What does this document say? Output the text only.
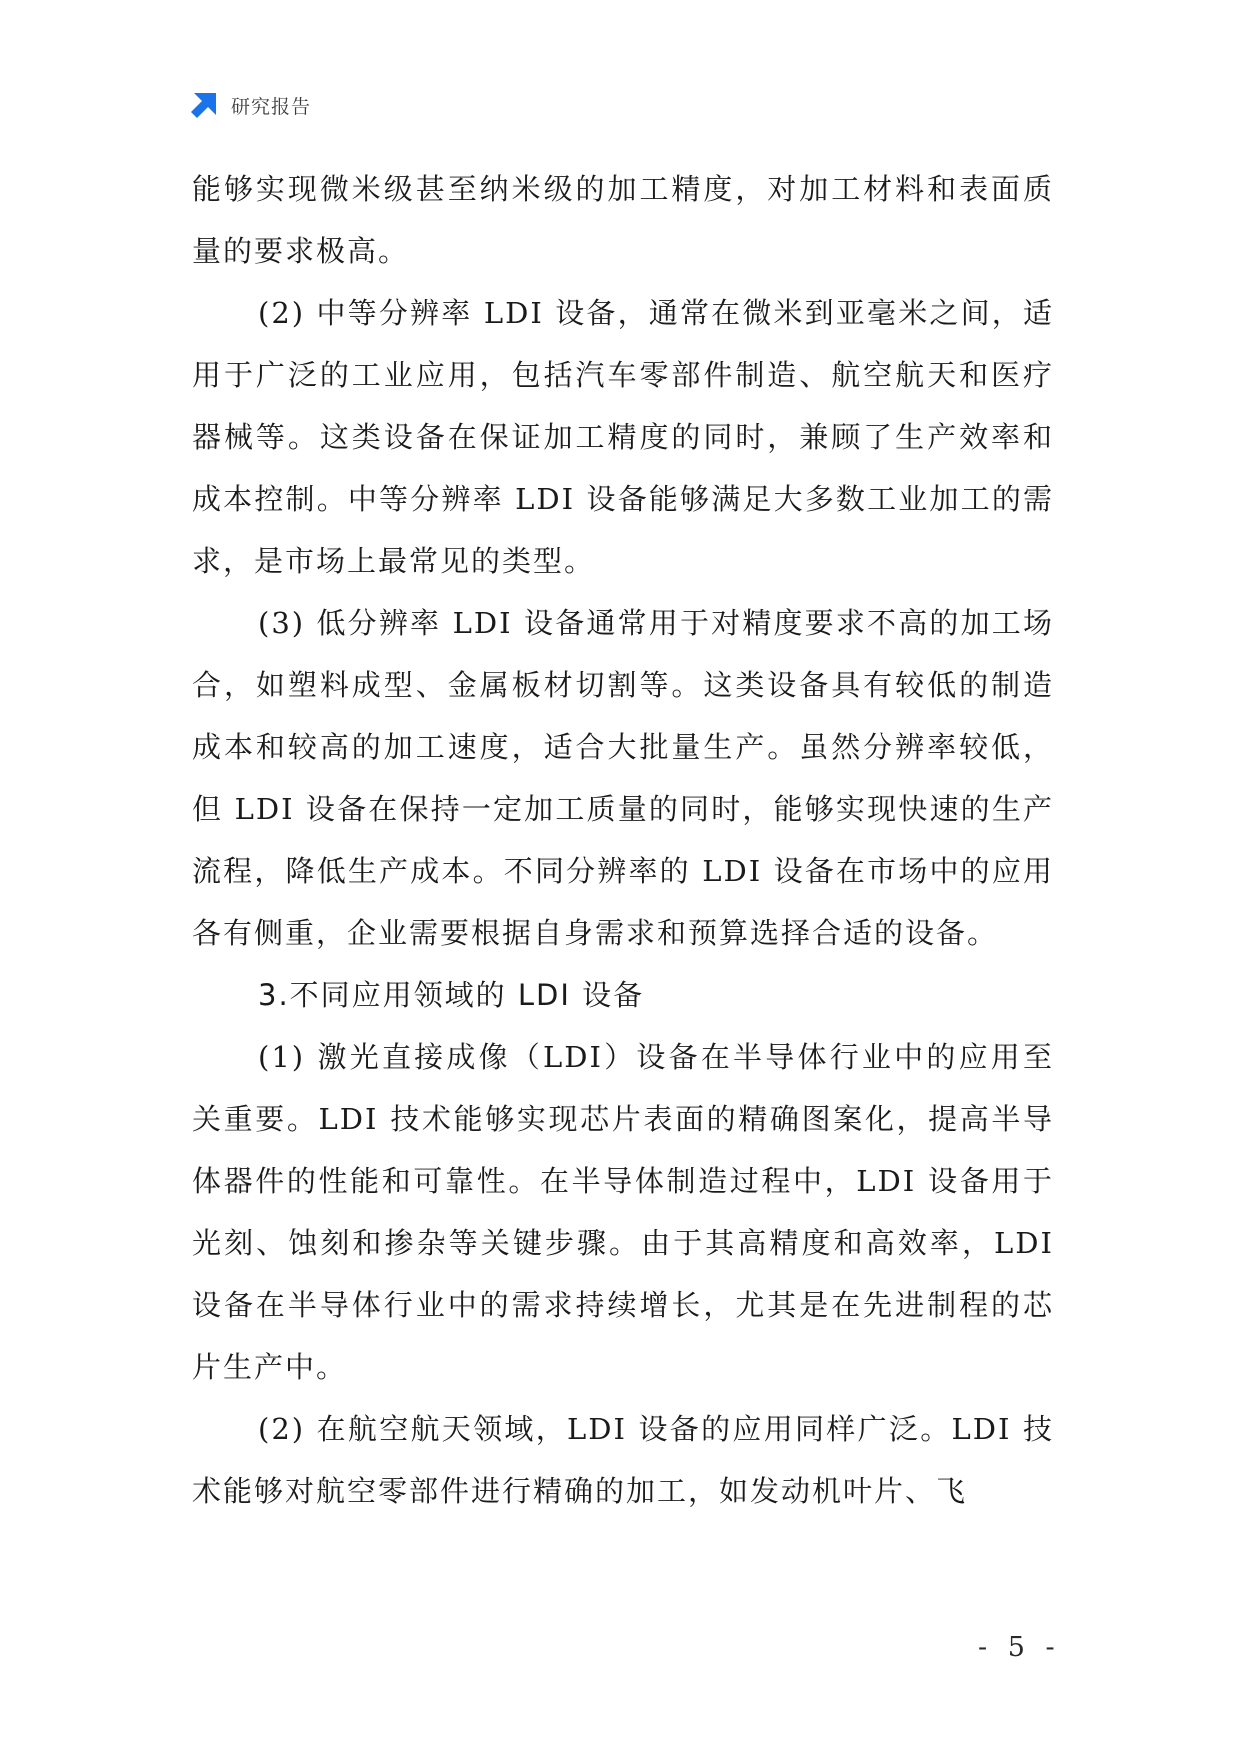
研究报告

能够实现微米级甚至纳米级的加工精度，对加工材料和表面质量的要求极高。

(2) 中等分辨率 LDI 设备，通常在微米到亚毫米之间，适用于广泛的工业应用，包括汽车零部件制造、航空航天和医疗器械等。这类设备在保证加工精度的同时，兼顾了生产效率和成本控制。中等分辨率 LDI 设备能够满足大多数工业加工的需求，是市场上最常见的类型。

(3) 低分辨率 LDI 设备通常用于对精度要求不高的加工场合，如塑料成型、金属板材切割等。这类设备具有较低的制造成本和较高的加工速度，适合大批量生产。虽然分辨率较低，但 LDI 设备在保持一定加工质量的同时，能够实现快速的生产流程，降低生产成本。不同分辨率的 LDI 设备在市场中的应用各有侧重，企业需要根据自身需求和预算选择合适的设备。

3.不同应用领域的 LDI 设备

(1) 激光直接成像（LDI）设备在半导体行业中的应用至关重要。LDI 技术能够实现芯片表面的精确图案化，提高半导体器件的性能和可靠性。在半导体制造过程中，LDI 设备用于光刻、蚀刻和掺杂等关键步骤。由于其高精度和高效率，LDI 设备在半导体行业中的需求持续增长，尤其是在先进制程的芯片生产中。

(2) 在航空航天领域，LDI 设备的应用同样广泛。LDI 技术能够对航空零部件进行精确的加工，如发动机叶片、飞

- 5 -
